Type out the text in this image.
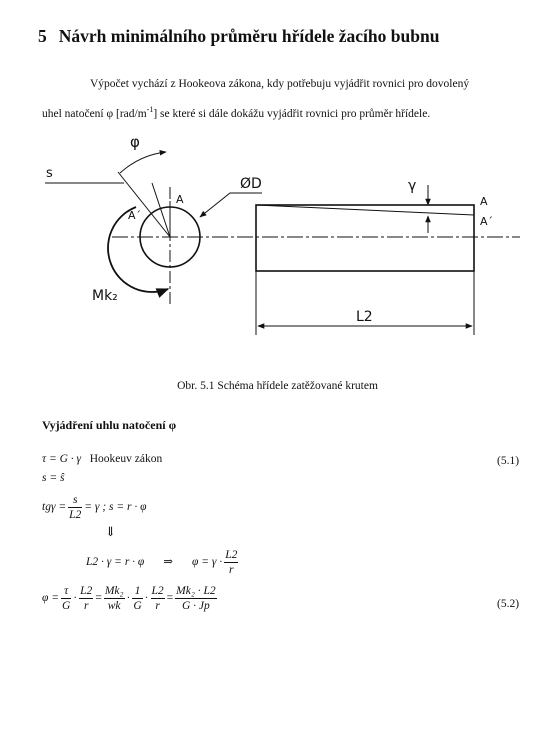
5 Návrh minimálního průměru hřídele žacího bubnu
Výpočet vychází z Hookeova zákona, kdy potřebuju vyjádřit rovnici pro dovolený
uhel natočení φ $[rad/m^{-1}]$ se které si dále dokážu vyjádřit rovnici pro průměr hřídele.
φ
s
A
A´
ØD	γ
A
A´
Mk₂
L2
Obr. 5.1 Schéma hřídele zatěžované krutem
Vyjádření uhlu natočení φ
τ = G · γ Hookeuv zákon	(5.1)
s = ŝ
$tg\gamma = \frac{s}{L2} = \gamma$ ; s = r · φ
⇓
L2 · γ = r · φ ⇒ $\varphi = \gamma \cdot \frac{L2}{r}$
$\varphi = \frac{\tau}{G} \cdot \frac{L2}{r} = \frac{\text{Mk₂}}{wk} \cdot \frac{1}{G} \cdot \frac{L2}{r} = \frac{\text{Mk₂ · L2}}{G \cdot Jp}$	(5.2)
